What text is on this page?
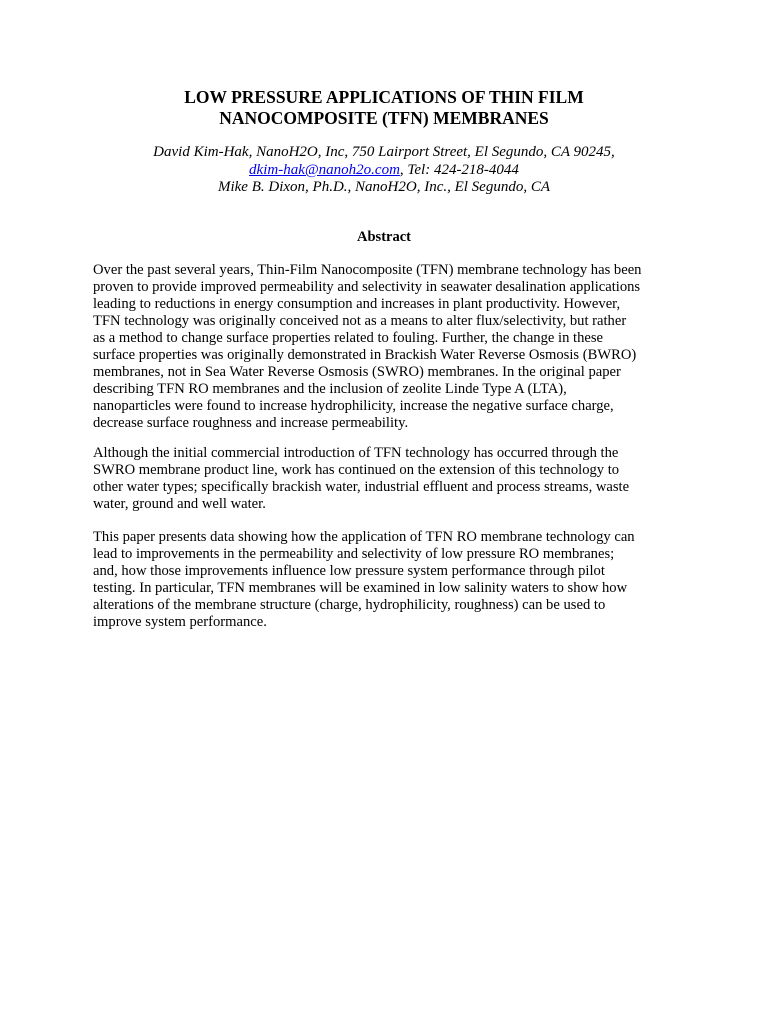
LOW PRESSURE APPLICATIONS OF THIN FILM
NANOCOMPOSITE (TFN) MEMBRANES

David Kim-Hak, NanoH2O, Inc, 750 Lairport Street, El Segundo, CA 90245,

dkim-hak@nanoh2o.com, Tel: 424-218-4044

Mike B. Dixon, Ph.D., NanoH2O, Inc., El Segundo, CA

Abstract

Over the past several years, Thin-Film Nanocomposite (TFN) membrane technology has been
proven to provide improved permeability and selectivity in seawater desalination applications
leading to reductions in energy consumption and increases in plant productivity. However,
TFN technology was originally conceived not as a means to alter flux/selectivity, but rather
as a method to change surface properties related to fouling. Further, the change in these
surface properties was originally demonstrated in Brackish Water Reverse Osmosis (BWRO)
membranes, not in Sea Water Reverse Osmosis (SWRO) membranes. In the original paper
describing TFN RO membranes and the inclusion of zeolite Linde Type A (LTA),
nanoparticles were found to increase hydrophilicity, increase the negative surface charge,
decrease surface roughness and increase permeability.

Although the initial commercial introduction of TFN technology has occurred through the
SWRO membrane product line, work has continued on the extension of this technology to
other water types; specifically brackish water, industrial effluent and process streams, waste
water, ground and well water.

This paper presents data showing how the application of TFN RO membrane technology can
lead to improvements in the permeability and selectivity of low pressure RO membranes;
and, how those improvements influence low pressure system performance through pilot
testing. In particular, TFN membranes will be examined in low salinity waters to show how
alterations of the membrane structure (charge, hydrophilicity, roughness) can be used to
improve system performance.
